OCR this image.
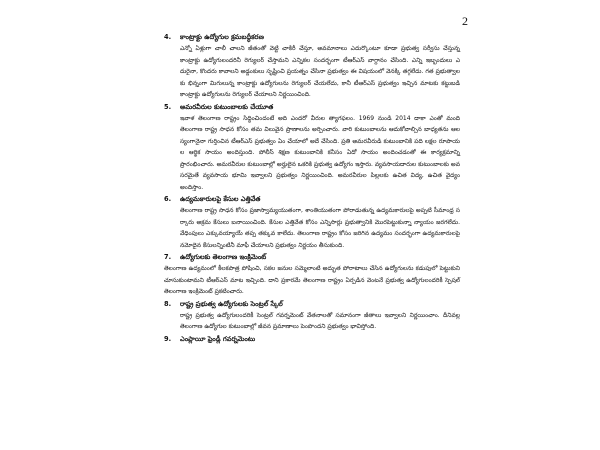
2
4. కాంట్రాక్టు ఉద్యోగుల క్రమబద్ధీకరణ

ఎన్నో ఏళ్లుగా చాలీ చాలని జీతంతో వెట్టి చాకిరీ చేస్తూ, అవమానాలు ఎదుర్కొంటూ కూడా ప్రభుత్వ సర్వీసు చేస్తున్న కాంట్రాక్టు ఉద్యోగులందరినీ రెగ్యులర్ చేస్తామని ఎన్నికల సందర్భంగా టీఆర్ఎస్ వాగ్దానం చేసింది. ఎన్ని ఇబ్బందులు ఎదురైనా, కొందరు కావాలని అడ్డంకులు సృష్టించి ప్రయత్నం చేసినా ప్రభుత్వం ఈ విషయంలో వెనక్కి తగ్గలేదు. గత ప్రభుత్వాలకు భిన్నంగా మిగులున్న కాంట్రాక్టు ఉద్యోగులను రెగ్యులర్ చేయలేదు, కానీ టీఆర్ఎస్ ప్రభుత్వం ఇచ్చిన మాటకు కట్టుబడి కాంట్రాక్టు ఉద్యోగులను రెగ్యులర్ చేయాలని నిర్ణయించింది.

5. అమరవీరుల కుటుంబాలకు చేయూత

ఇవాళ తెలంగాణ రాష్ట్రం సిద్ధించిందంటే అది ఎందరో వీరుల త్యాగఫలం. 1969 నుండి 2014 దాకా ఎంతో మంది తెలంగాణ రాష్ట్ర సాధన కోసం తమ విలువైన ప్రాణాలను అర్పించారు. వారి కుటుంబాలను ఆదుకోవాల్సిన బాధ్యతను ఆలస్యంగానైనా గుర్తించిన టీఆర్ఎస్ ప్రభుత్వం ఏం చేయాలో అదే చేసింది. ప్రతి అమరవీరుడి కుటుంబానికి పది లక్షల రూపాయల ఆర్థిక సాయం అందిస్తుంది. పోలీస్ శిక్షణ కుటుంబానికి కనీసం ఏదో సాయం అందించడంతో ఈ కార్యక్రమాన్ని ప్రారంభించారు. అమరవీరుల కుటుంబాల్లో అర్హులైన ఒకరికి ప్రభుత్వ ఉద్యోగం ఇస్తారు. వ్యవసాయదారుల కుటుంబాలకు అవసరమైతే వ్యవసాయ భూమి ఇవ్వాలని ప్రభుత్వం నిర్ణయించింది. అమరవీరుల పిల్లలకు ఉచిత విద్య, ఉచిత వైద్యం అందిస్తాం.

6. ఉద్యమకారులపై కేసుల ఎత్తివేత

తెలంగాణ రాష్ట్ర సాధన కోసం ప్రజాస్వామ్యయుతంగా, శాంతియుతంగా పోరాడుతున్న ఉద్యమకారులపై అప్పటి సీమాంధ్ర సర్కారు అక్రమ కేసులు బనాయించింది. కేసుల ఎత్తివేత కోసం ఎన్నిసార్లు ప్రభుత్వానికి మొరపెట్టుకున్నా న్యాయం జరగలేదు. వేధింపులు ఎక్కువయ్యాయే తప్ప తక్కువ కాలేదు. తెలంగాణ రాష్ట్రం కోసం జరిగిన ఉద్యమం సందర్భంగా ఉద్యమకారులపై నమోదైన కేసులన్నింటినీ మాఫీ చేయాలని ప్రభుత్వం నిర్ణయం తీసుకుంది.

7. ఉద్యోగులకు తెలంగాణ ఇంక్రిమెంట్

తెలంగాణ ఉద్యమంలో కీలకపాత్ర పోషించి, సకల జనుల సమ్మెలాంటి అద్భుత పోరాటాలు చేసిన ఉద్యోగులను కడుపులో పెట్టుకుని చూసుకుంటామని టీఆర్ఎస్ మాట ఇచ్చింది. దాని ప్రకారమే తెలంగాణ రాష్ట్రం ఏర్పడిన వెంటనే ప్రభుత్వ ఉద్యోగులందరికీ స్పెషల్ తెలంగాణ ఇంక్రిమెంట్ ప్రకటించారు.

8. రాష్ట్ర ప్రభుత్వ ఉద్యోగులకు సెంట్రల్ స్కేల్

రాష్ట్ర ప్రభుత్వ ఉద్యోగులందరికీ సెంట్రల్ గవర్నమెంట్ వేతనాలతో సమానంగా జీతాలు ఇవ్వాలని నిర్ణయించాం. దీనివల్ల తెలంగాణ ఉద్యోగుల కుటుంబాల్లో జీవన ప్రమాణాలు పెంపొందని ప్రభుత్వం భావిస్తోంది.

9. ఎంప్లాయీ ఫ్రెండ్లీ గవర్నమెంటు
